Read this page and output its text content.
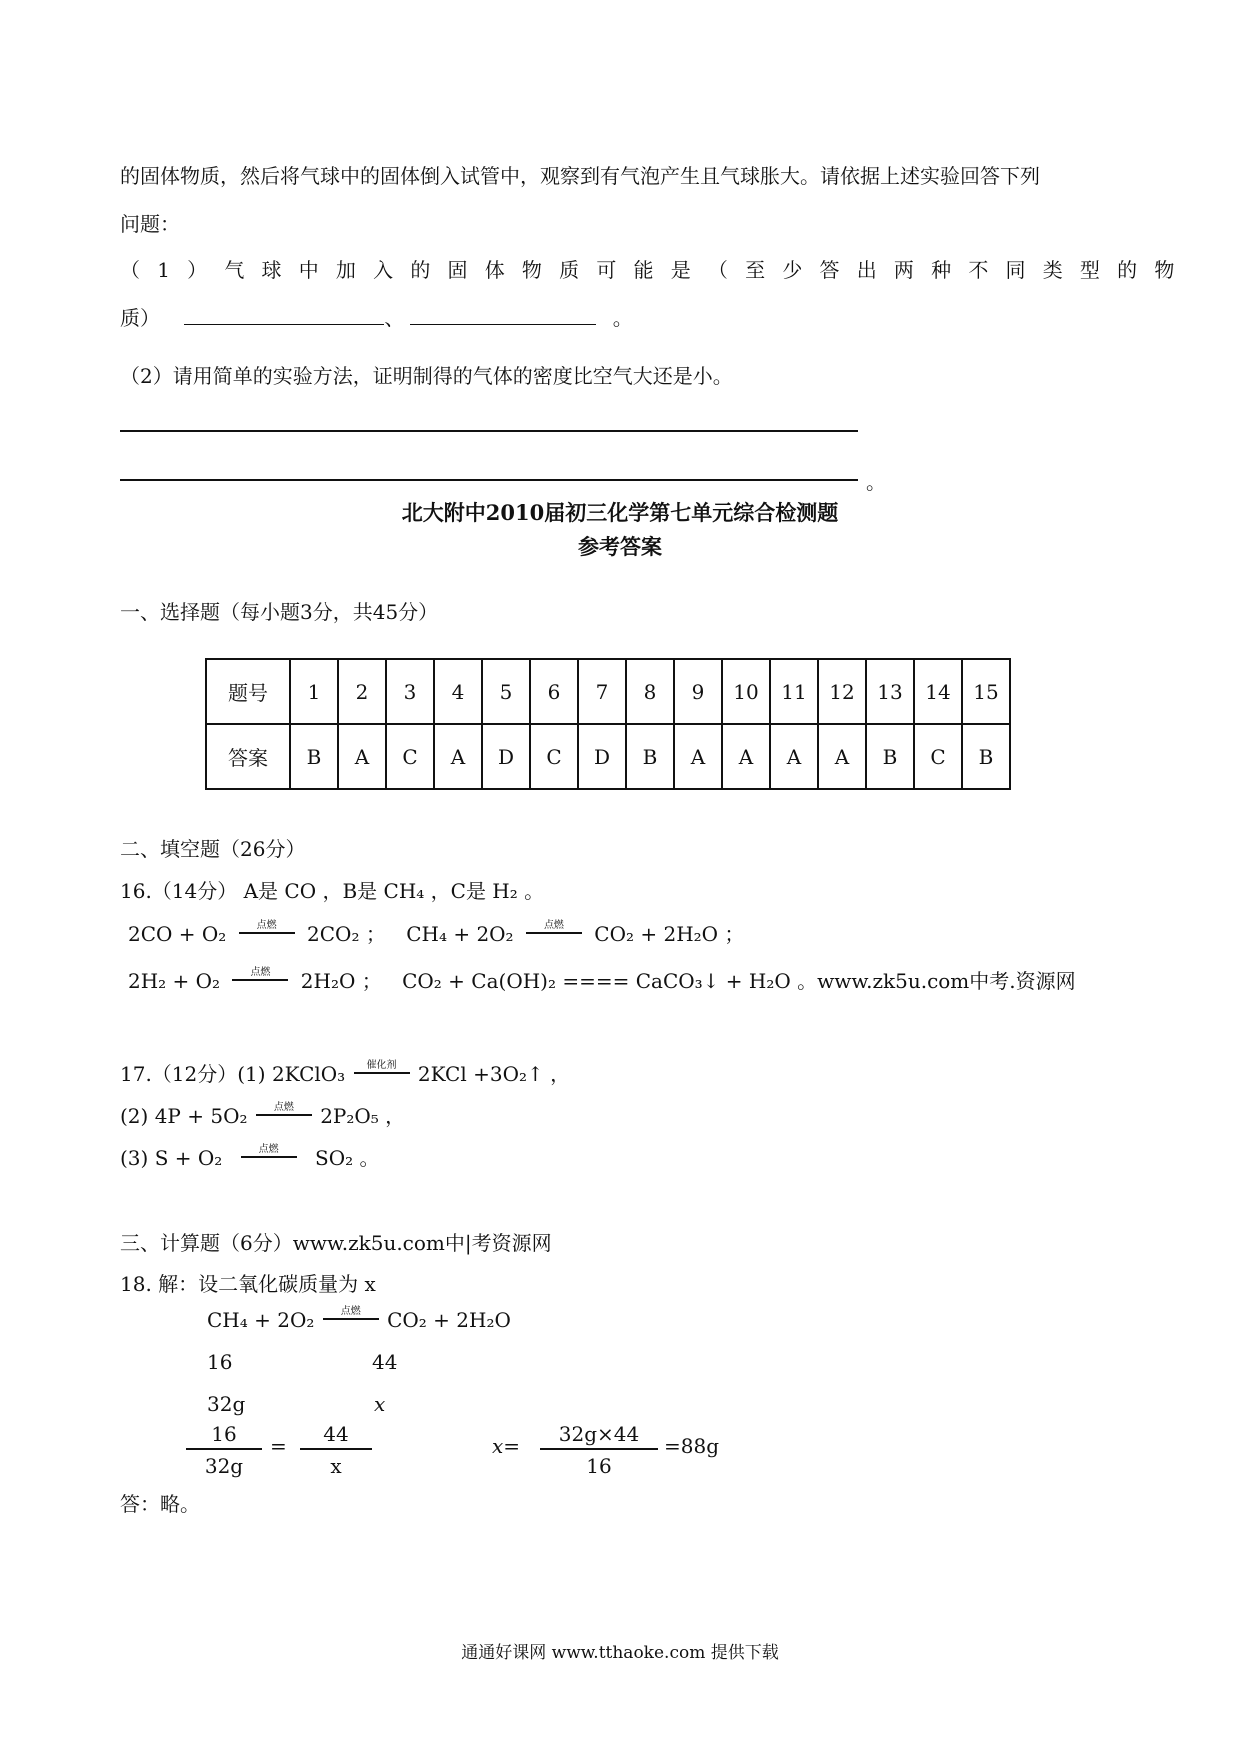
的固体物质，然后将气球中的固体倒入试管中，观察到有气泡产生且气球胀大。请依据上述实验回答下列
问题：
（1）气球中加入的固体物质可能是（至少答出两种不同类型的物
质）	、	。
（2）请用简单的实验方法，证明制得的气体的密度比空气大还是小。
。
北大附中2010届初三化学第七单元综合检测题
参考答案
一、选择题（每小题3分，共45分）
题号	1	2	3	4	5	6	7	8	9	10	11	12	13	14	15
答案	B	A	C	A	D	C	D	B	A	A	A	A	B	C	B
二、填空题（26分）
16.（14分） A是 CO ，B是 CH₄ ，C是 H₂ 。
2CO + O₂	点燃	2CO₂ ； CH₄ + 2O₂	点燃	CO₂ + 2H₂O ；
2H₂ + O₂	点燃	2H₂O ； CO₂ + Ca(OH)₂ ==== CaCO₃↓ + H₂O 。www.zk5u.com中考.资源网
17.（12分）(1) 2KClO₃	催化剂	2KCl +3O₂↑ ，
(2) 4P + 5O₂	点燃	2P₂O₅ ，
(3) S + O₂	点燃	SO₂ 。
三、计算题（6分）www.zk5u.com中|考资源网
18. 解：设二氧化碳质量为 x
CH₄ + 2O₂	点燃	CO₂ + 2H₂O
16	44
32g	x
$\frac{16}{32g} = \frac{44}{x}$	$x= \frac{32g\times 44}{16} =88g$
答：略。
通通好课网 www.tthaoke.com 提供下载
